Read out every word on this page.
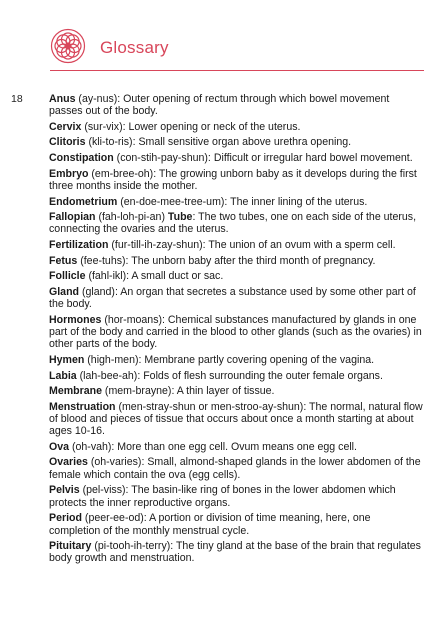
Glossary
18 Anus (ay-nus): Outer opening of rectum through which bowel movement passes out of the body.

Cervix (sur-vix): Lower opening or neck of the uterus.

Clitoris (kli-to-ris): Small sensitive organ above urethra opening.

Constipation (con-stih-pay-shun): Difficult or irregular hard bowel movement.

Embryo (em-bree-oh): The growing unborn baby as it develops during the first three months inside the mother.

Endometrium (en-doe-mee-tree-um): The inner lining of the uterus.

Fallopian (fah-loh-pi-an) Tube: The two tubes, one on each side of the uterus, connecting the ovaries and the uterus.

Fertilization (fur-till-ih-zay-shun): The union of an ovum with a sperm cell.

Fetus (fee-tuhs): The unborn baby after the third month of pregnancy.

Follicle (fahl-ikl): A small duct or sac.

Gland (gland): An organ that secretes a substance used by some other part of the body.

Hormones (hor-moans): Chemical substances manufactured by glands in one part of the body and carried in the blood to other glands (such as the ovaries) in other parts of the body.

Hymen (high-men): Membrane partly covering opening of the vagina.

Labia (lah-bee-ah): Folds of flesh surrounding the outer female organs.

Membrane (mem-brayne): A thin layer of tissue.

Menstruation (men-stray-shun or men-stroo-ay-shun): The normal, natural flow of blood and pieces of tissue that occurs about once a month starting at about ages 10-16.

Ova (oh-vah): More than one egg cell. Ovum means one egg cell.

Ovaries (oh-varies): Small, almond-shaped glands in the lower abdomen of the female which contain the ova (egg cells).

Pelvis (pel-viss): The basin-like ring of bones in the lower abdomen which protects the inner reproductive organs.

Period (peer-ee-od): A portion or division of time meaning, here, one completion of the monthly menstrual cycle.

Pituitary (pi-tooh-ih-terry): The tiny gland at the base of the brain that regulates body growth and menstruation.
